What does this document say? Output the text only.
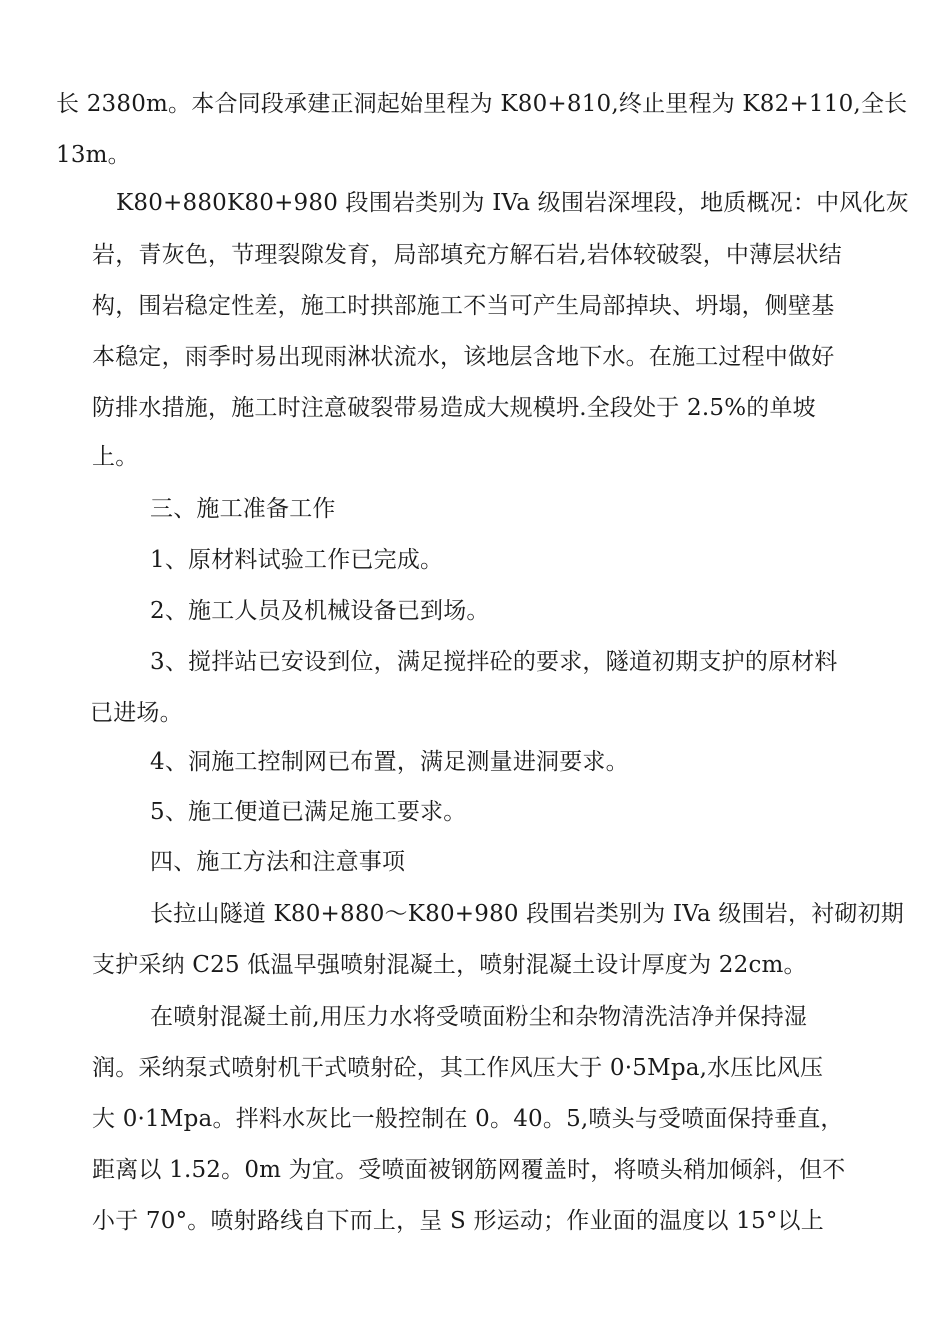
长 2380m。本合同段承建正洞起始里程为 K80+810,终止里程为 K82+110,全长
13m。
K80+880K80+980 段围岩类别为 IVa 级围岩深埋段，地质概况：中风化灰
岩，青灰色，节理裂隙发育，局部填充方解石岩,岩体较破裂，中薄层状结
构，围岩稳定性差，施工时拱部施工不当可产生局部掉块、坍塌，侧壁基
本稳定，雨季时易出现雨淋状流水，该地层含地下水。在施工过程中做好
防排水措施，施工时注意破裂带易造成大规模坍.全段处于 2.5%的单坡
上。
三、施工准备工作
1、原材料试验工作已完成。
2、施工人员及机械设备已到场。
3、搅拌站已安设到位，满足搅拌砼的要求，隧道初期支护的原材料
已进场。
4、洞施工控制网已布置，满足测量进洞要求。
5、施工便道已满足施工要求。
四、施工方法和注意事项
长拉山隧道 K80+880〜K80+980 段围岩类别为 IVa 级围岩，衬砌初期
支护采纳 C25 低温早强喷射混凝土，喷射混凝土设计厚度为 22cm。
在喷射混凝土前,用压力水将受喷面粉尘和杂物清洗洁净并保持湿
润。采纳泵式喷射机干式喷射砼，其工作风压大于 0·5Mpa,水压比风压
大 0·1Mpa。拌料水灰比一般控制在 0。40。5,喷头与受喷面保持垂直，
距离以 1.52。0m 为宜。受喷面被钢筋网覆盖时，将喷头稍加倾斜，但不
小于 70°。喷射路线自下而上，呈 S 形运动；作业面的温度以 15°以上
